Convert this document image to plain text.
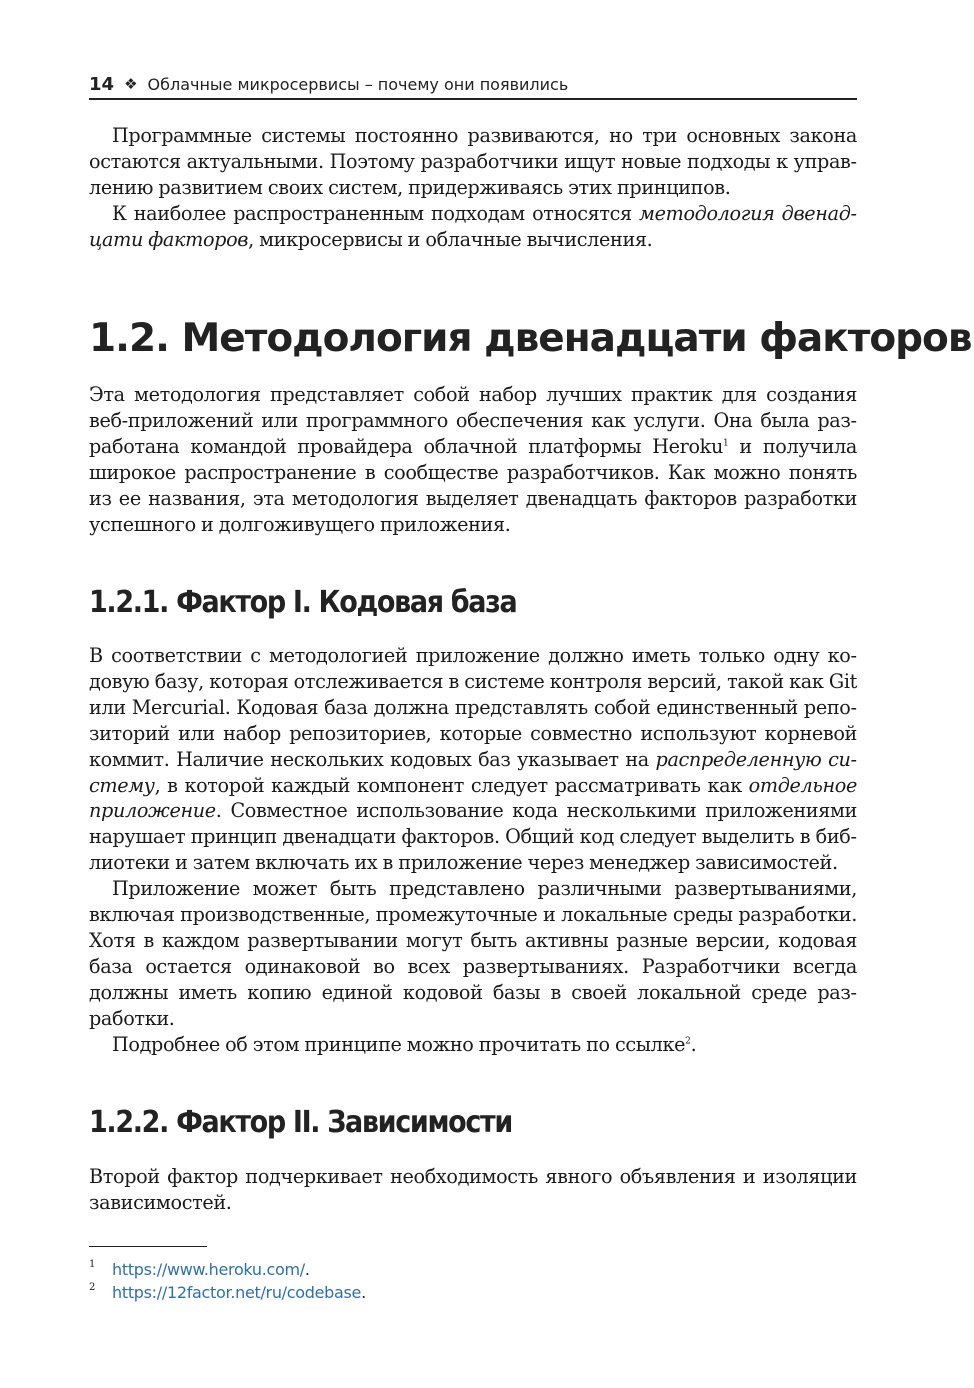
14 ❖ Облачные микросервисы – почему они появились

Программные системы постоянно развиваются, но три основных закона остаются актуальными. Поэтому разработчики ищут новые подходы к управлению развитием своих систем, придерживаясь этих принципов.

К наиболее распространенным подходам относятся методология двенадцати факторов, микросервисы и облачные вычисления.

1.2. Методология двенадцати факторов

Эта методология представляет собой набор лучших практик для создания веб-приложений или программного обеспечения как услуги. Она была разработана командой провайдера облачной платформы Heroku$^1$ и получила широкое распространение в сообществе разработчиков. Как можно понять из ее названия, эта методология выделяет двенадцать факторов разработки успешного и долгоживущего приложения.

1.2.1. Фактор I. Кодовая база

В соответствии с методологией приложение должно иметь только одну кодовую базу, которая отслеживается в системе контроля версий, такой как Git или Mercurial. Кодовая база должна представлять собой единственный репозиторий или набор репозиториев, которые совместно используют корневой коммит. Наличие нескольких кодовых баз указывает на распределенную систему, в которой каждый компонент следует рассматривать как отдельное приложение. Совместное использование кода несколькими приложениями нарушает принцип двенадцати факторов. Общий код следует выделить в библиотеки и затем включать их в приложение через менеджер зависимостей.

Приложение может быть представлено различными развертываниями, включая производственные, промежуточные и локальные среды разработки. Хотя в каждом развертывании могут быть активны разные версии, кодовая база остается одинаковой во всех развертываниях. Разработчики всегда должны иметь копию единой кодовой базы в своей локальной среде разработки.

Подробнее об этом принципе можно прочитать по ссылке$^2$.

1.2.2. Фактор II. Зависимости

Второй фактор подчеркивает необходимость явного объявления и изоляции зависимостей.

1 https://www.heroku.com/.
2 https://12factor.net/ru/codebase.
